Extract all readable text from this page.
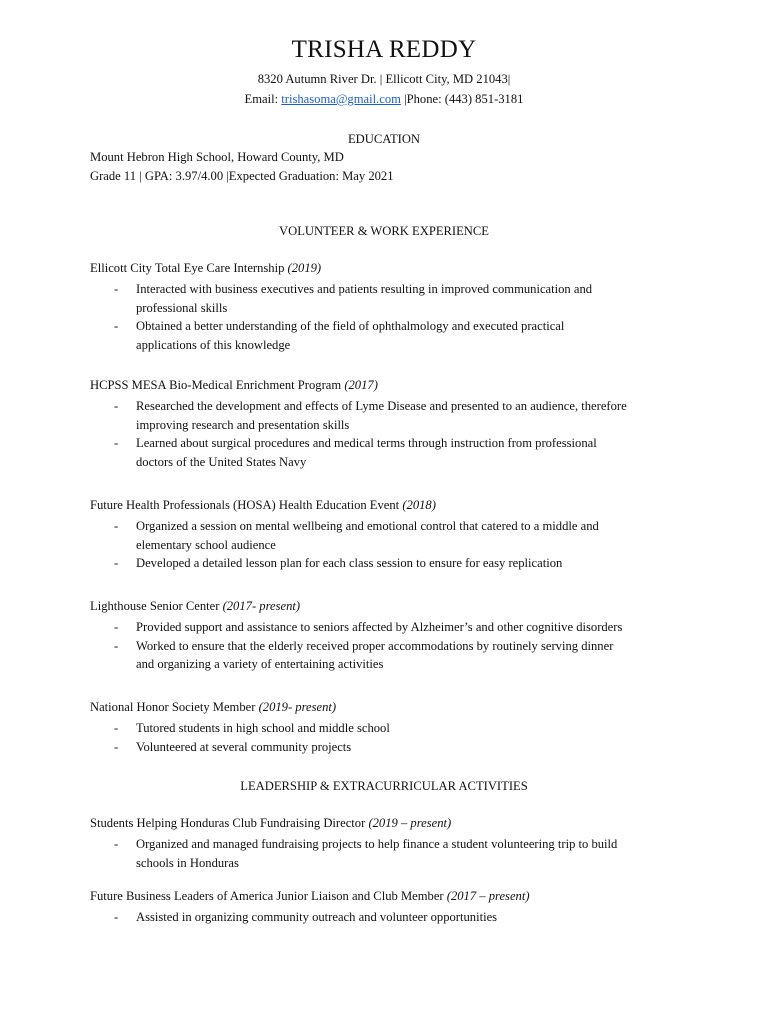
TRISHA REDDY
8320 Autumn River Dr. | Ellicott City, MD 21043|
Email: trishasoma@gmail.com |Phone: (443) 851-3181
EDUCATION
Mount Hebron High School, Howard County, MD
Grade 11 | GPA: 3.97/4.00 |Expected Graduation: May 2021
VOLUNTEER & WORK EXPERIENCE
Ellicott City Total Eye Care Internship (2019)
- Interacted with business executives and patients resulting in improved communication and
professional skills
- Obtained a better understanding of the field of ophthalmology and executed practical
applications of this knowledge
HCPSS MESA Bio-Medical Enrichment Program (2017)
- Researched the development and effects of Lyme Disease and presented to an audience, therefore
improving research and presentation skills
- Learned about surgical procedures and medical terms through instruction from professional
doctors of the United States Navy
Future Health Professionals (HOSA) Health Education Event (2018)
- Organized a session on mental wellbeing and emotional control that catered to a middle and
elementary school audience
- Developed a detailed lesson plan for each class session to ensure for easy replication
Lighthouse Senior Center (2017- present)
- Provided support and assistance to seniors affected by Alzheimer’s and other cognitive disorders
- Worked to ensure that the elderly received proper accommodations by routinely serving dinner
and organizing a variety of entertaining activities
National Honor Society Member (2019- present)
- Tutored students in high school and middle school
- Volunteered at several community projects
LEADERSHIP & EXTRACURRICULAR ACTIVITIES
Students Helping Honduras Club Fundraising Director (2019 – present)
- Organized and managed fundraising projects to help finance a student volunteering trip to build
schools in Honduras
Future Business Leaders of America Junior Liaison and Club Member (2017 – present)
- Assisted in organizing community outreach and volunteer opportunities
